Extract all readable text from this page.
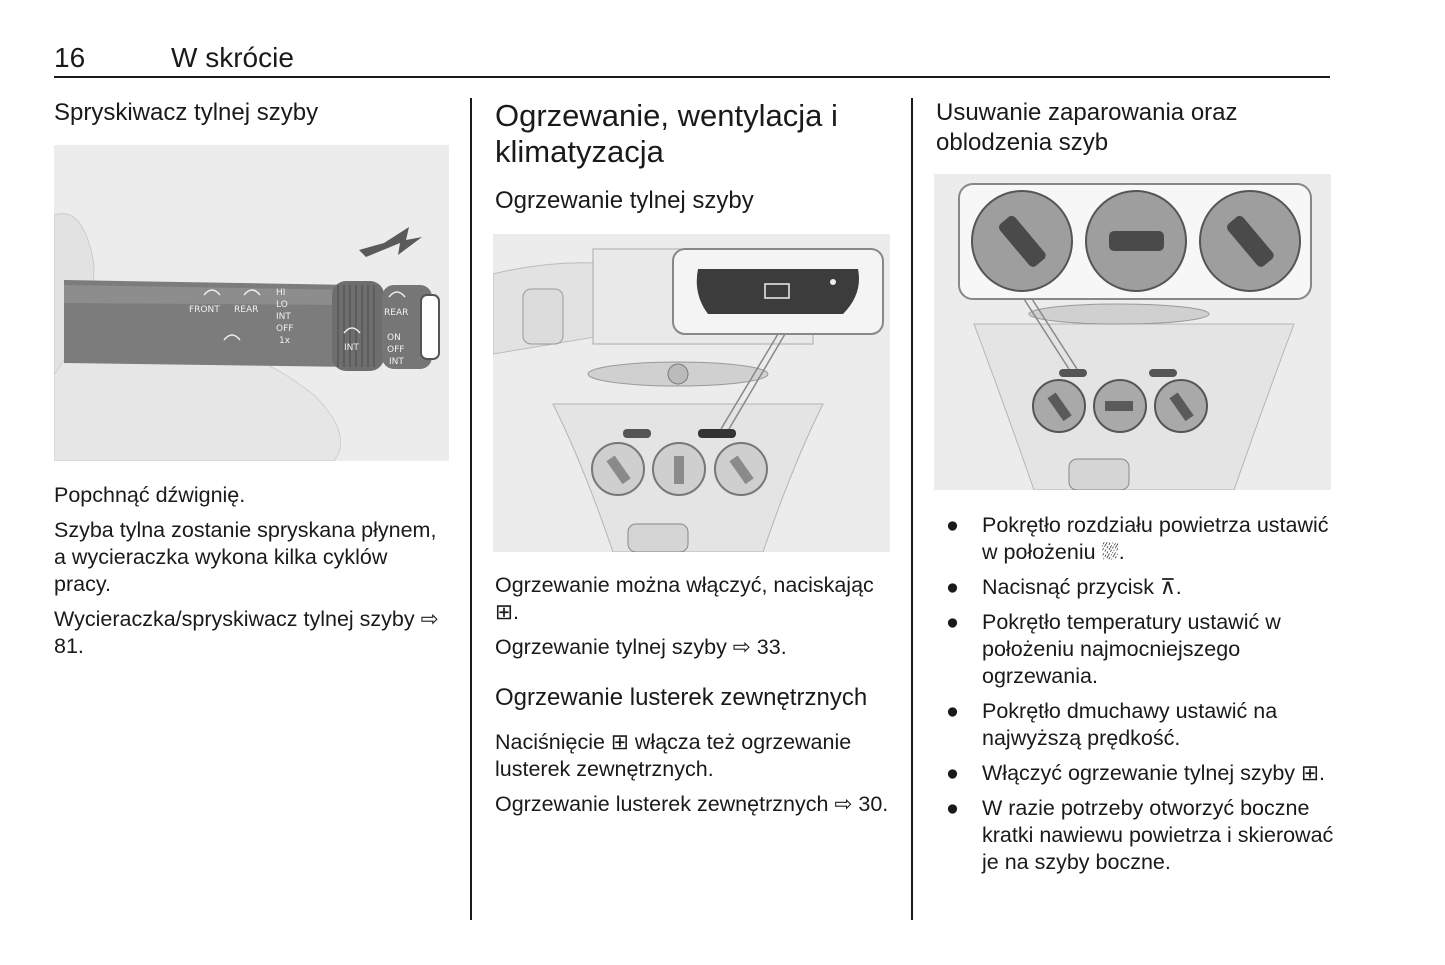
16	W skrócie
Spryskiwacz tylnej szyby
FRONT REAR
HI
LO
INT
OFF
1x
REAR
ON
OFF
INT
INT

Popchnąć dźwignię.

Szyba tylna zostanie spryskana płynem, a wycieraczka wykona kilka cyklów pracy.

Wycieraczka/spryskiwacz tylnej szyby ⇨ 81.

Ogrzewanie, wentylacja i klimatyzacja
Ogrzewanie tylnej szyby

Ogrzewanie można włączyć, naciskając ⊞.

Ogrzewanie tylnej szyby ⇨ 33.

Ogrzewanie lusterek zewnętrznych

Naciśnięcie ⊞ włącza też ogrzewanie lusterek zewnętrznych.

Ogrzewanie lusterek zewnętrznych ⇨ 30.

Usuwanie zaparowania oraz oblodzenia szyb
● Pokrętło rozdziału powietrza ustawić w położeniu ⛆.
● Nacisnąć przycisk ⊼.
● Pokrętło temperatury ustawić w położeniu najmocniejszego ogrzewania.
● Pokrętło dmuchawy ustawić na najwyższą prędkość.
● Włączyć ogrzewanie tylnej szyby ⊞.
● W razie potrzeby otworzyć boczne kratki nawiewu powietrza i skierować je na szyby boczne.
